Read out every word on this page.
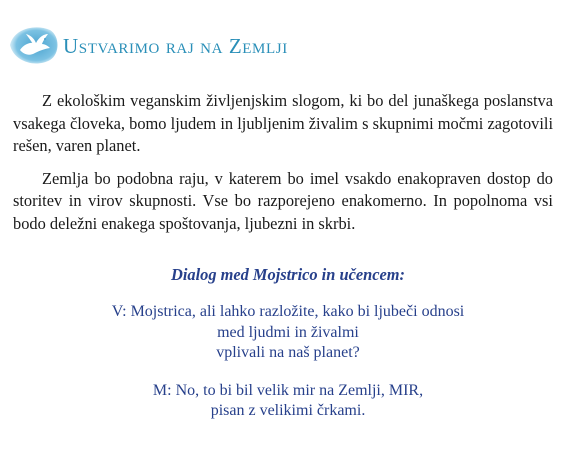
Ustvarimo raj na Zemlji

Z ekološkim veganskim življenjskim slogom, ki bo del junaškega poslanstva vsakega človeka, bomo ljudem in ljubljenim živalim s skupnimi močmi zagotovili rešen, varen planet.

Zemlja bo podobna raju, v katerem bo imel vsakdo enakopraven dostop do storitev in virov skupnosti. Vse bo razporejeno enakomerno. In popolnoma vsi bodo deležni enakega spoštovanja, ljubezni in skrbi.

Dialog med Mojstrico in učencem:
V: Mojstrica, ali lahko razložite, kako bi ljubeči odnosi
med ljudmi in živalmi
vplivali na naš planet?
M: No, to bi bil velik mir na Zemlji, MIR,
pisan z velikimi črkami.
